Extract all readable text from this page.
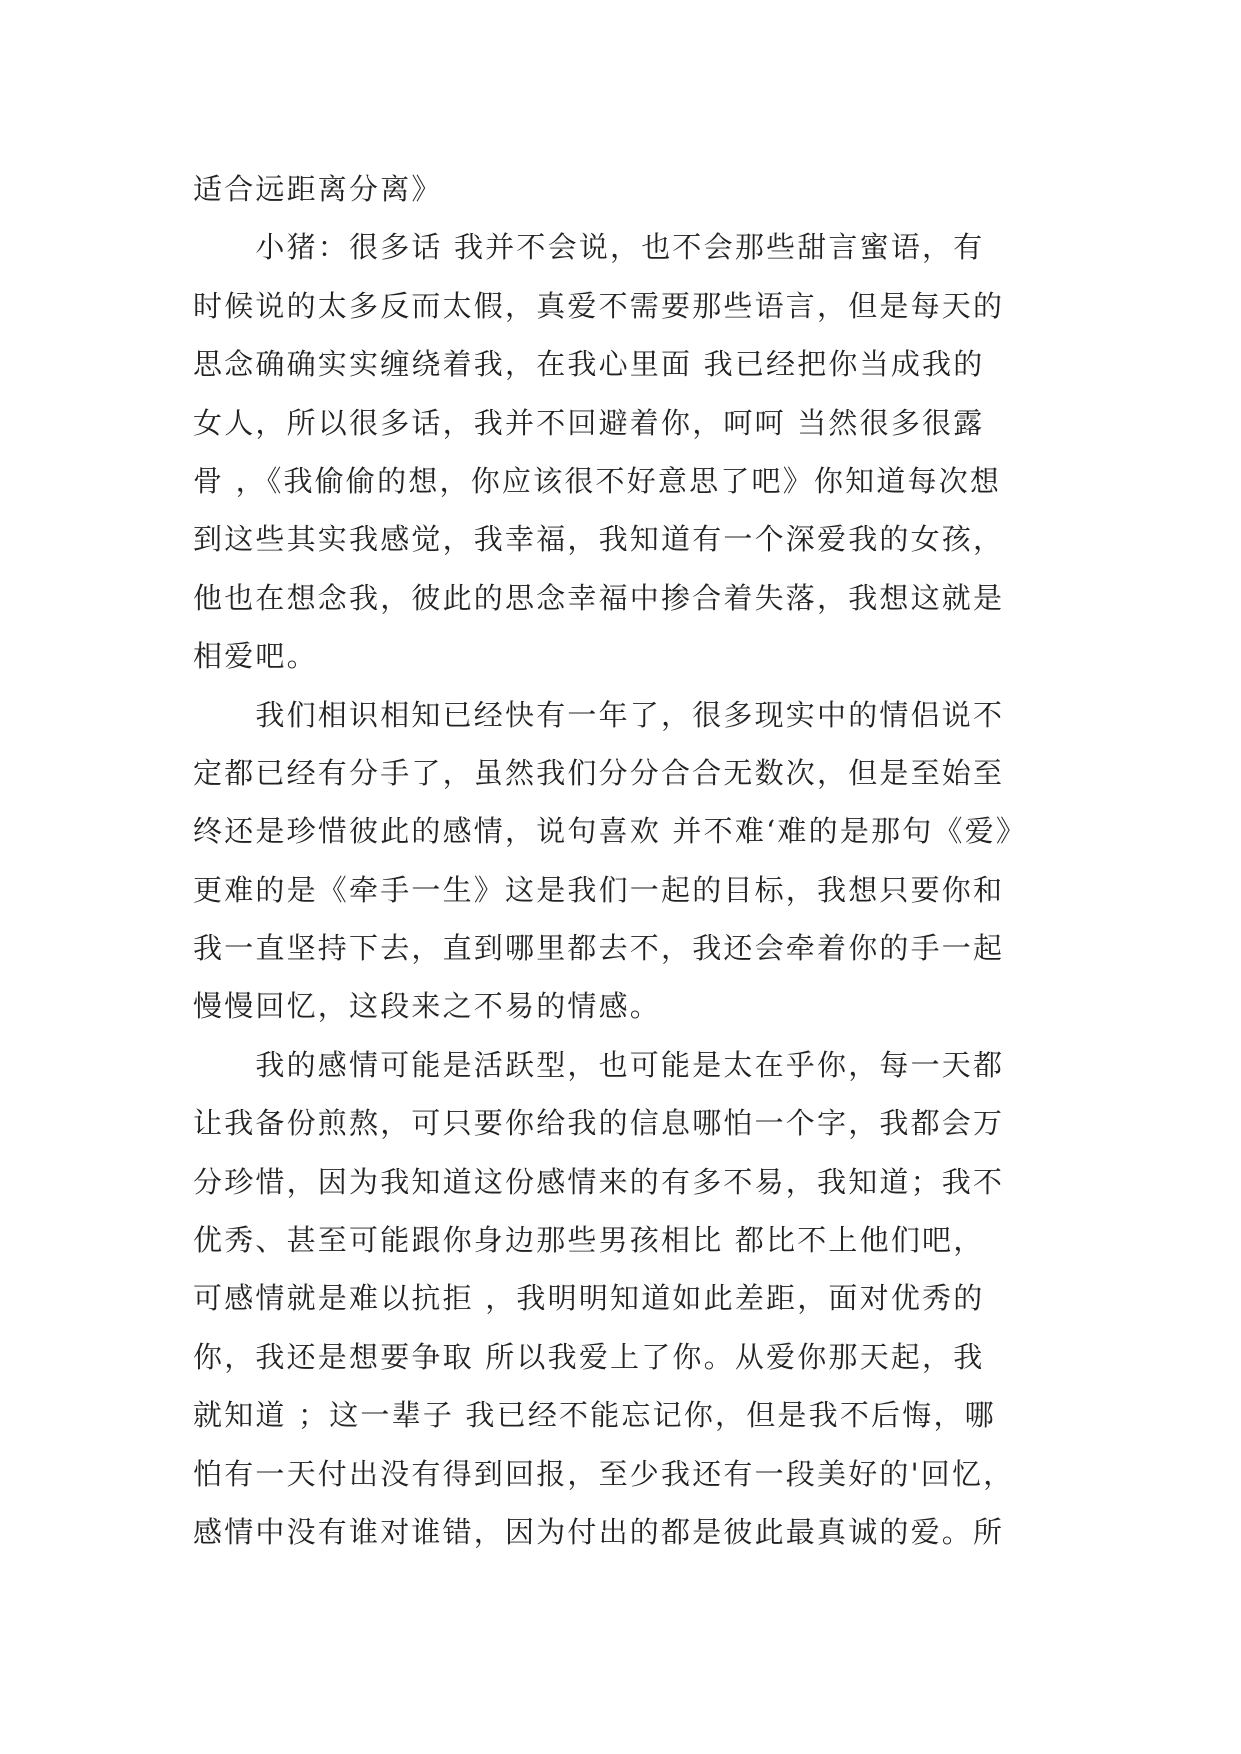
适合远距离分离》
　　小猪：很多话 我并不会说，也不会那些甜言蜜语，有
时候说的太多反而太假，真爱不需要那些语言，但是每天的
思念确确实实缠绕着我，在我心里面 我已经把你当成我的
女人，所以很多话，我并不回避着你，呵呵 当然很多很露
骨 ，《我偷偷的想，你应该很不好意思了吧》你知道每次想
到这些其实我感觉，我幸福，我知道有一个深爱我的女孩，
他也在想念我，彼此的思念幸福中掺合着失落，我想这就是
相爱吧。
　　我们相识相知已经快有一年了，很多现实中的情侣说不
定都已经有分手了，虽然我们分分合合无数次，但是至始至
终还是珍惜彼此的感情，说句喜欢 并不难‘难的是那句《爱》
更难的是《牵手一生》这是我们一起的目标，我想只要你和
我一直坚持下去，直到哪里都去不，我还会牵着你的手一起
慢慢回忆，这段来之不易的情感。
　　我的感情可能是活跃型，也可能是太在乎你，每一天都
让我备份煎熬，可只要你给我的信息哪怕一个字，我都会万
分珍惜，因为我知道这份感情来的有多不易，我知道；我不
优秀、甚至可能跟你身边那些男孩相比 都比不上他们吧，
可感情就是难以抗拒 ，我明明知道如此差距，面对优秀的
你，我还是想要争取 所以我爱上了你。从爱你那天起，我
就知道 ；这一辈子 我已经不能忘记你，但是我不后悔，哪
怕有一天付出没有得到回报，至少我还有一段美好的'回忆，
感情中没有谁对谁错，因为付出的都是彼此最真诚的爱。所
